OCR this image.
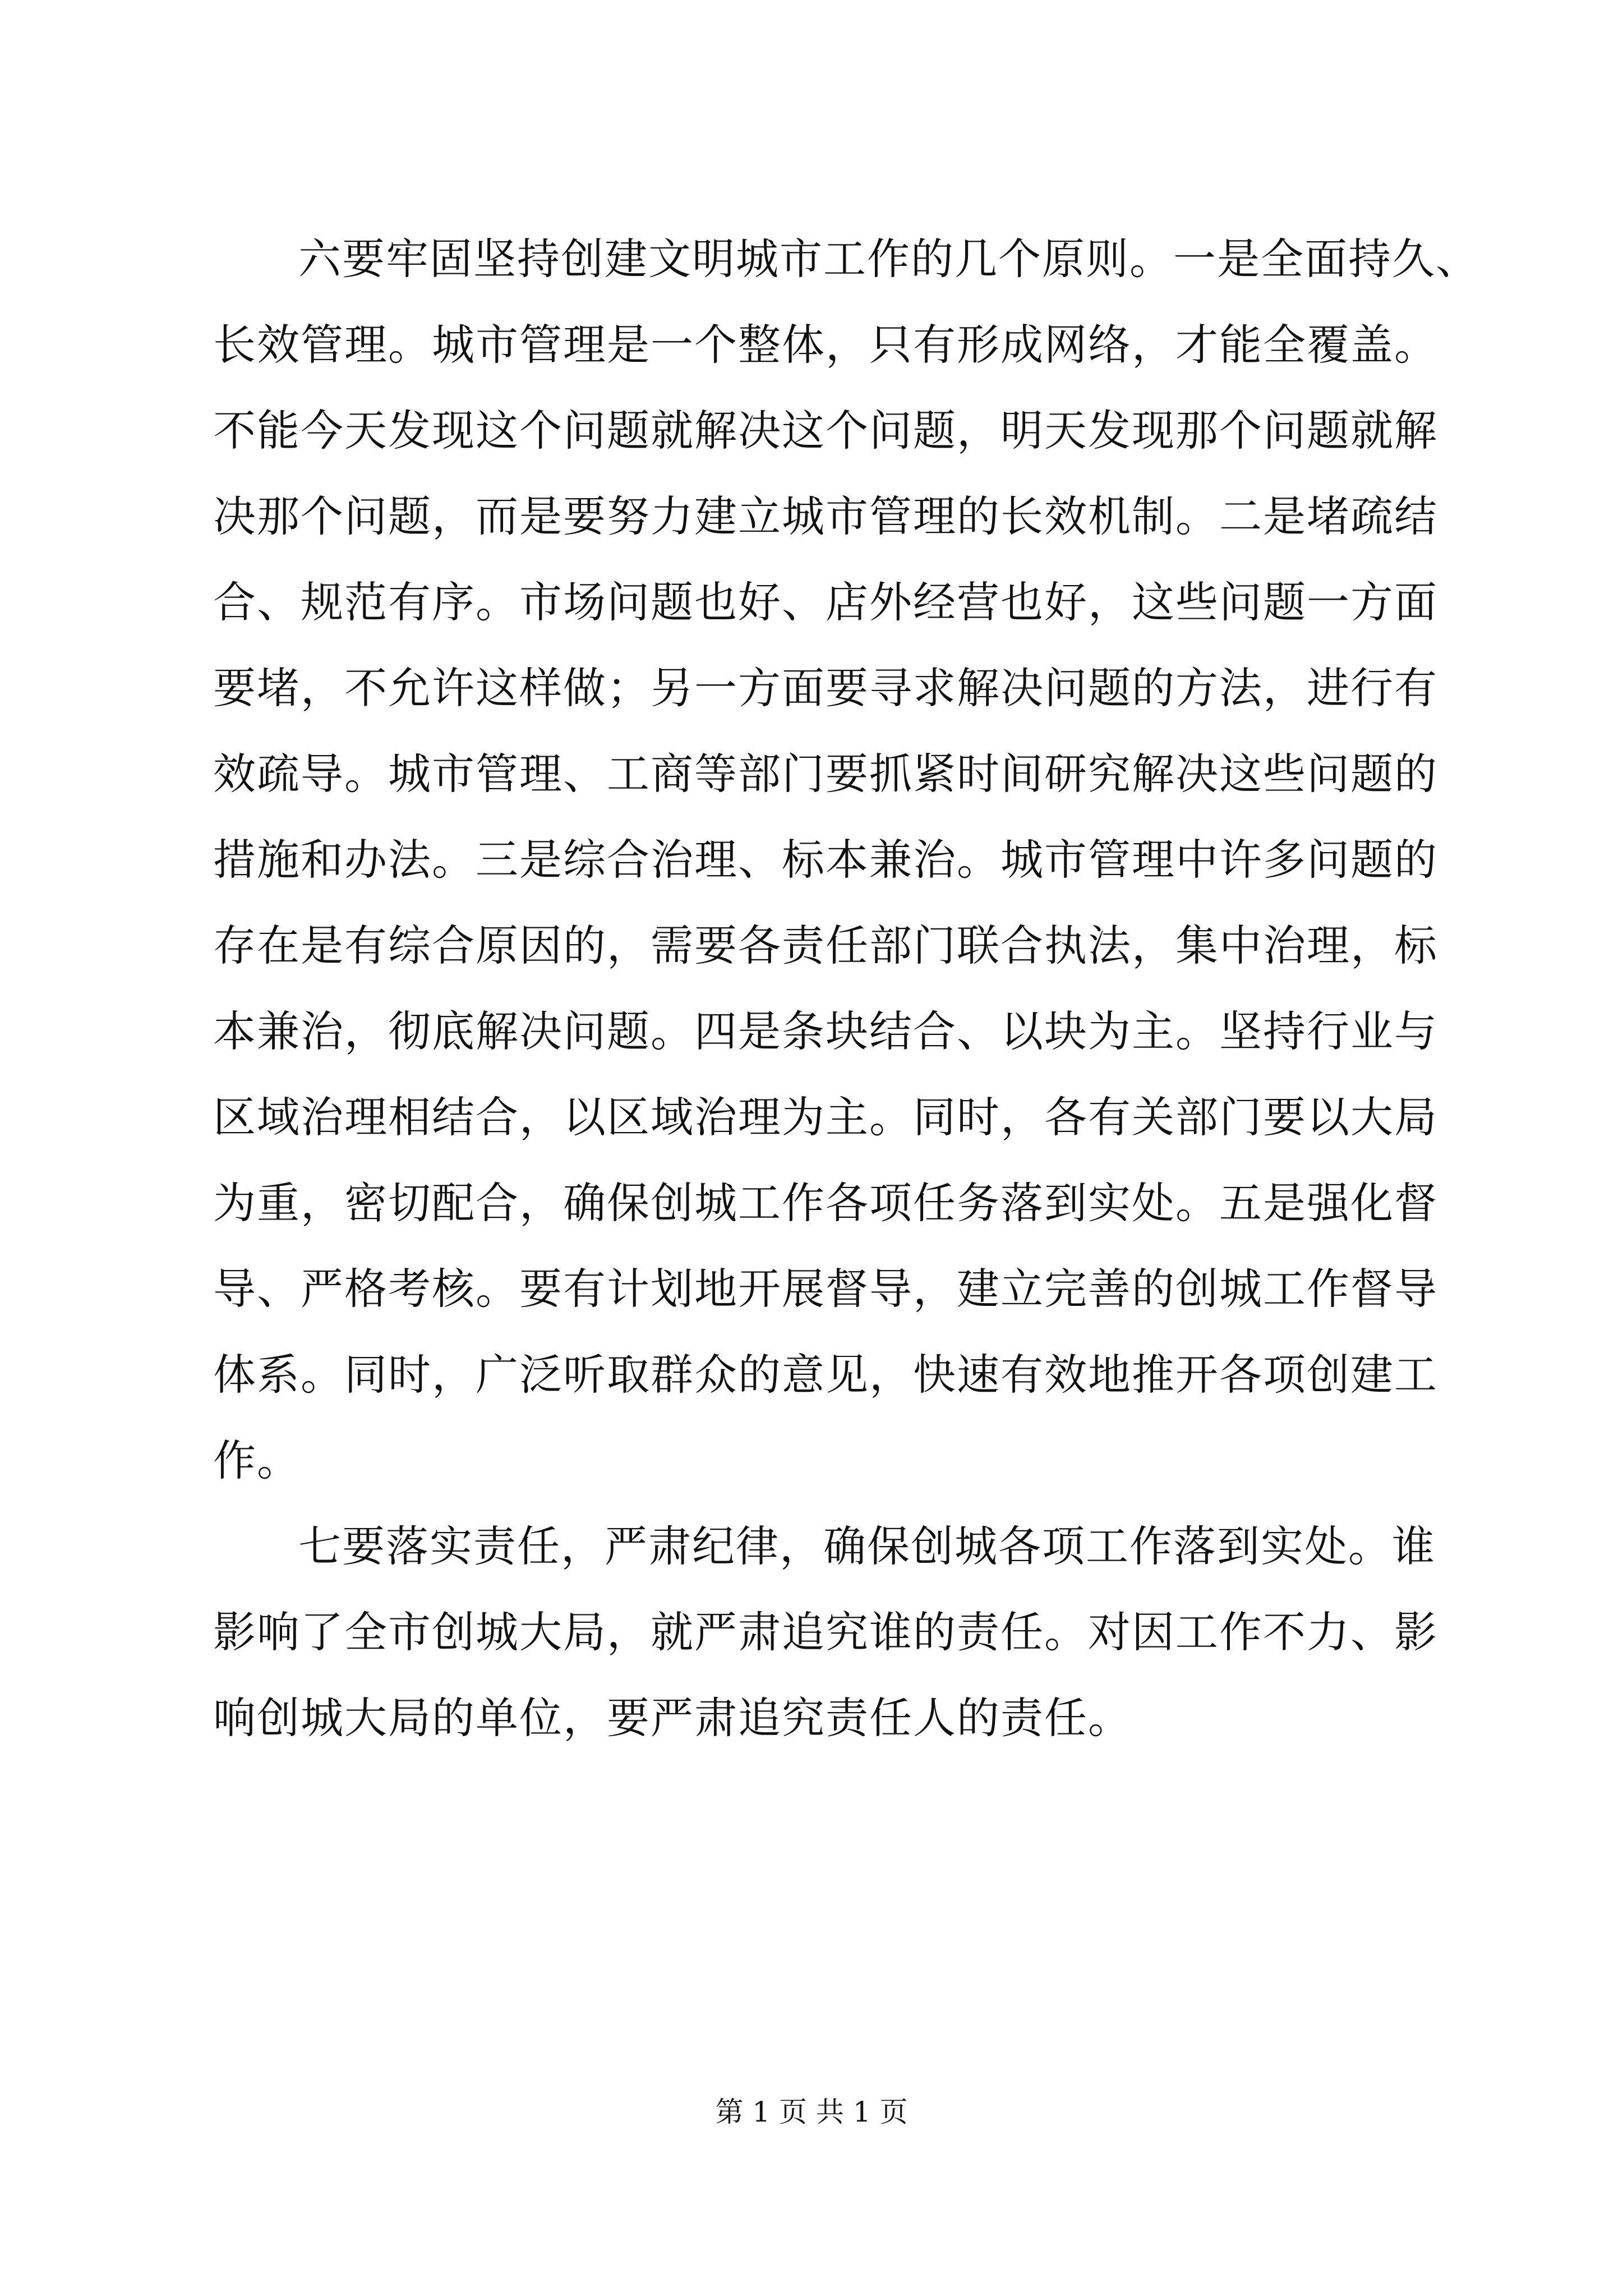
六要牢固坚持创建文明城市工作的几个原则。一是全面持久、
长效管理。城市管理是一个整体，只有形成网络，才能全覆盖。
不能今天发现这个问题就解决这个问题，明天发现那个问题就解
决那个问题，而是要努力建立城市管理的长效机制。二是堵疏结
合、规范有序。市场问题也好、店外经营也好，这些问题一方面
要堵，不允许这样做；另一方面要寻求解决问题的方法，进行有
效疏导。城市管理、工商等部门要抓紧时间研究解决这些问题的
措施和办法。三是综合治理、标本兼治。城市管理中许多问题的
存在是有综合原因的，需要各责任部门联合执法，集中治理，标
本兼治，彻底解决问题。四是条块结合、以块为主。坚持行业与
区域治理相结合，以区域治理为主。同时，各有关部门要以大局
为重，密切配合，确保创城工作各项任务落到实处。五是强化督
导、严格考核。要有计划地开展督导，建立完善的创城工作督导
体系。同时，广泛听取群众的意见，快速有效地推开各项创建工
作。
七要落实责任，严肃纪律，确保创城各项工作落到实处。谁
影响了全市创城大局，就严肃追究谁的责任。对因工作不力、影
响创城大局的单位，要严肃追究责任人的责任。
第 1 页 共 1 页
